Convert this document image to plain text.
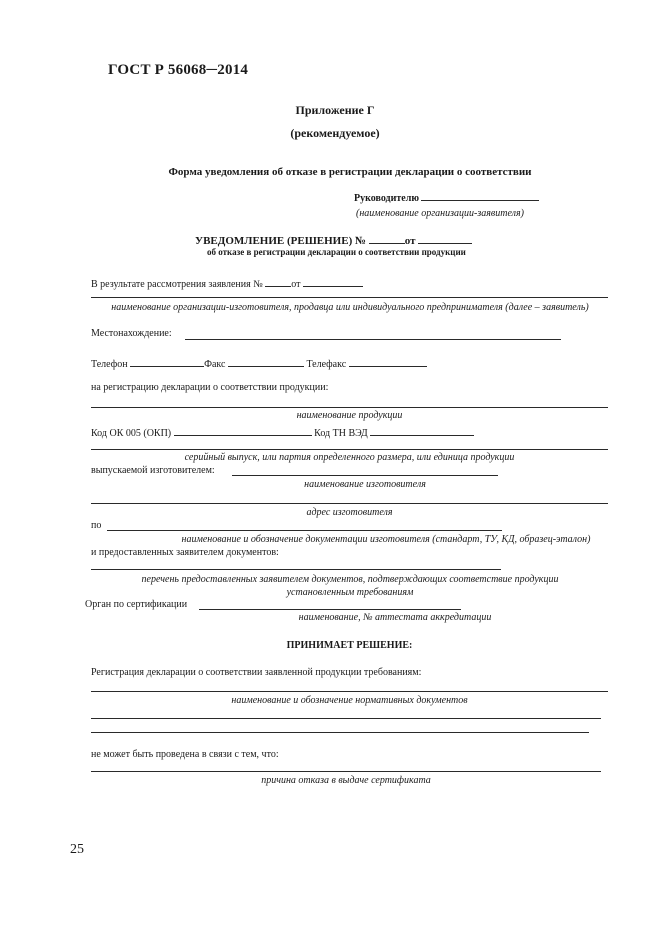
ГОСТ Р 56068─2014
Приложение Г
(рекомендуемое)
Форма уведомления об отказе в регистрации декларации о соответствии
Руководителю
(наименование организации-заявителя)
УВЕДОМЛЕНИЕ (РЕШЕНИЕ) №	от
об отказе в регистрации декларации о соответствии продукции
В результате рассмотрения заявления №	от
наименование организации-изготовителя, продавца или индивидуального предпринимателя (далее – заявитель)
Местонахождение:
Телефон	Факс	Телефакс
на регистрацию декларации о соответствии продукции:
наименование продукции
Код ОК 005 (ОКП)	Код ТН ВЭД
серийный выпуск, или партия определенного размера, или единица продукции
выпускаемой изготовителем:
наименование изготовителя
адрес изготовителя
по
наименование и обозначение документации изготовителя (стандарт, ТУ, КД, образец-эталон)
и предоставленных заявителем документов:
перечень предоставленных заявителем документов, подтверждающих соответствие продукции установленным требованиям
Орган по сертификации
наименование, № аттестата аккредитации
ПРИНИМАЕТ РЕШЕНИЕ:
Регистрация декларации о соответствии заявленной продукции требованиям:
наименование и обозначение нормативных документов
не может быть проведена в связи с тем, что:
причина отказа в выдаче сертификата
25
